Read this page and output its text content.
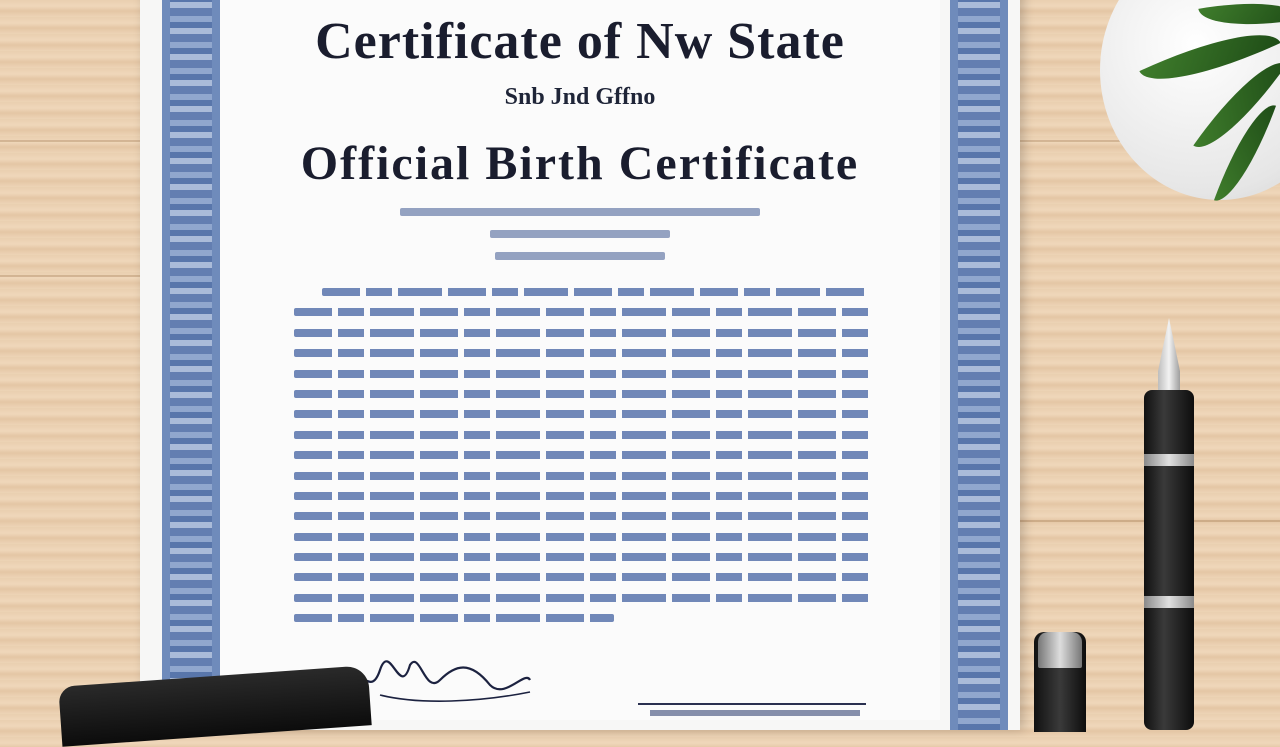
Certificate of Nw State
Snb Jnd Gffno
Official Birth Certificate
